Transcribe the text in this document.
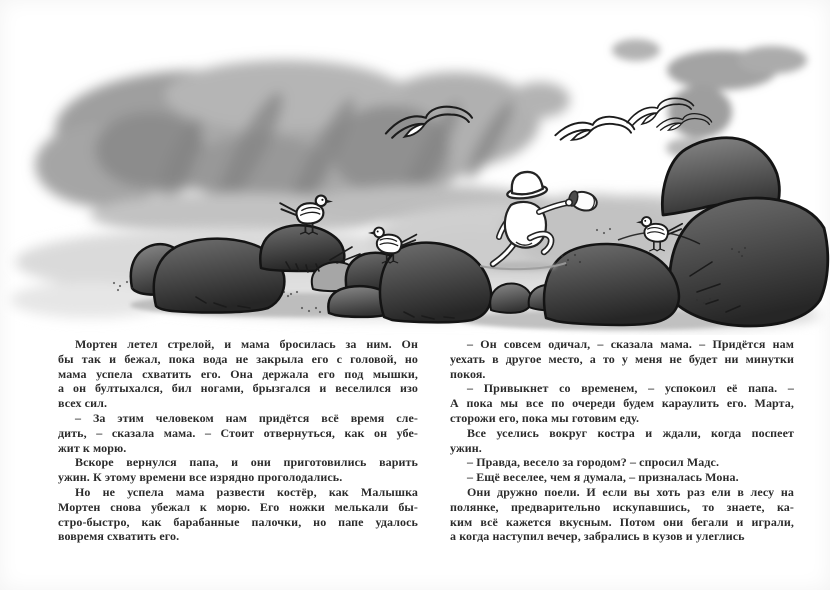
Мортен летел стрелой, и мама бросилась за ним. Он
бы так и бежал, пока вода не закрыла его с головой, но
мама успела схватить его. Она держала его под мышки,
а он бултыхался, бил ногами, брызгался и веселился изо
всех сил.
– За этим человеком нам придётся всё время сле-
дить, – сказала мама. – Стоит отвернуться, как он убе-
жит к морю.
Вскоре вернулся папа, и они приготовились варить
ужин. К этому времени все изрядно проголодались.
Но не успела мама развести костёр, как Малышка
Мортен снова убежал к морю. Его ножки мелькали бы-
стро-быстро, как барабанные палочки, но папе удалось
вовремя схватить его.
– Он совсем одичал, – сказала мама. – Придётся нам
уехать в другое место, а то у меня не будет ни минутки
покоя.
– Привыкнет со временем, – успокоил её папа. –
А пока мы все по очереди будем караулить его. Марта,
сторожи его, пока мы готовим еду.
Все уселись вокруг костра и ждали, когда поспеет
ужин.
– Правда, весело за городом? – спросил Мадс.
– Ещё веселее, чем я думала, – призналась Мона.
Они дружно поели. И если вы хоть раз ели в лесу на
полянке, предварительно искупавшись, то знаете, ка-
ким всё кажется вкусным. Потом они бегали и играли,
а когда наступил вечер, забрались в кузов и улеглись
